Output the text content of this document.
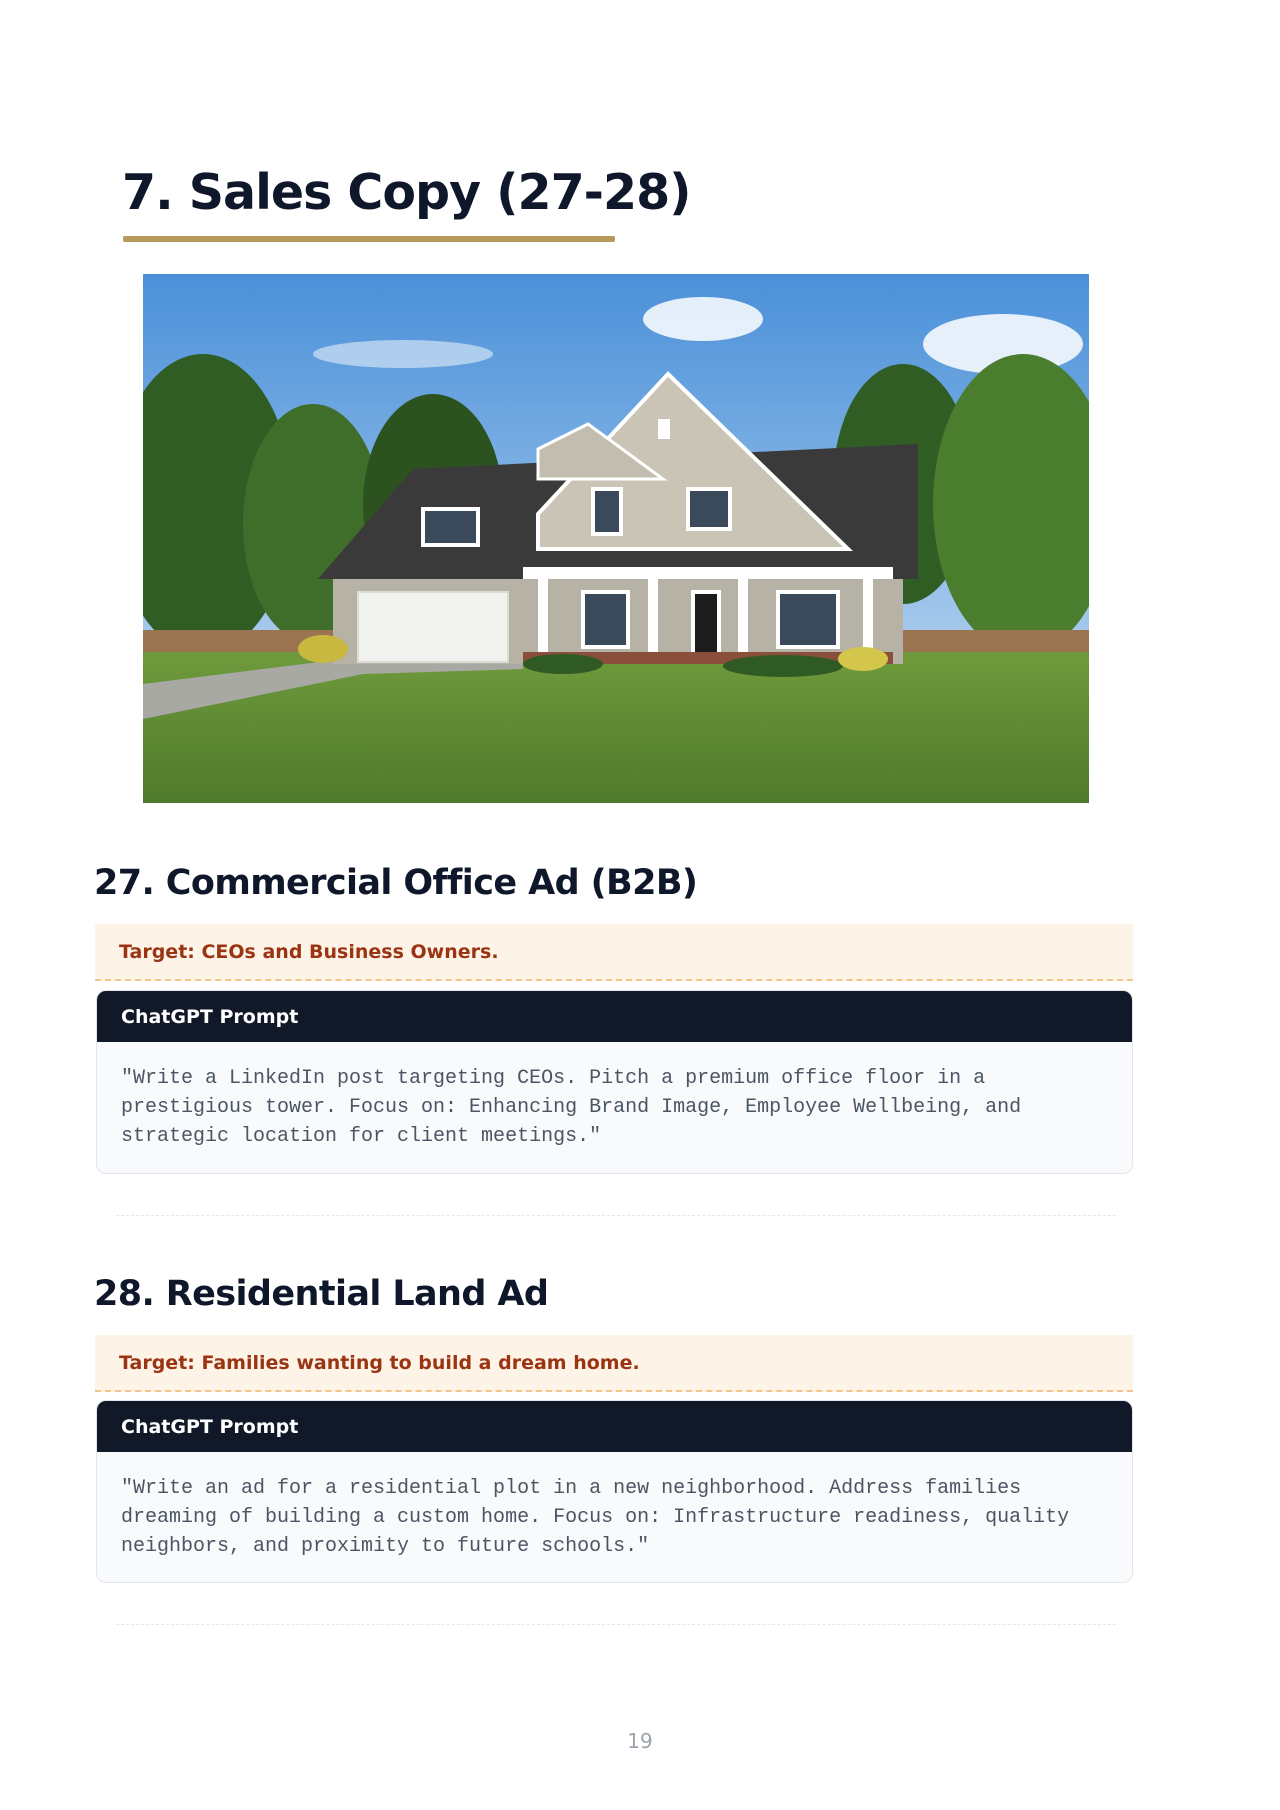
7. Sales Copy (27-28)
27. Commercial Office Ad (B2B)
Target: CEOs and Business Owners.
ChatGPT Prompt
"Write a LinkedIn post targeting CEOs. Pitch a premium office floor in a prestigious tower. Focus on: Enhancing Brand Image, Employee Wellbeing, and strategic location for client meetings."
28. Residential Land Ad
Target: Families wanting to build a dream home.
ChatGPT Prompt
"Write an ad for a residential plot in a new neighborhood. Address families dreaming of building a custom home. Focus on: Infrastructure readiness, quality neighbors, and proximity to future schools."
19
